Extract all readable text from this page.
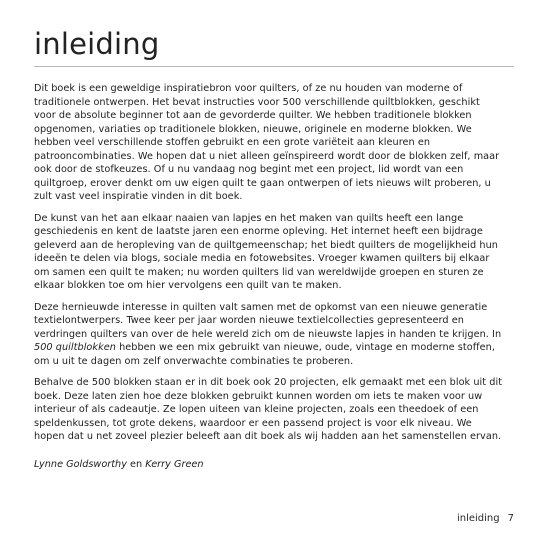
inleiding

Dit boek is een geweldige inspiratiebron voor quilters, of ze nu houden van moderne of traditionele ontwerpen. Het bevat instructies voor 500 verschillende quiltblokken, geschikt voor de absolute beginner tot aan de gevorderde quilter. We hebben traditionele blokken opgenomen, variaties op traditionele blokken, nieuwe, originele en moderne blokken. We hebben veel verschillende stoffen gebruikt en een grote variëteit aan kleuren en patrooncombinaties. We hopen dat u niet alleen geïnspireerd wordt door de blokken zelf, maar ook door de stofkeuzes. Of u nu vandaag nog begint met een project, lid wordt van een quiltgroep, erover denkt om uw eigen quilt te gaan ontwerpen of iets nieuws wilt proberen, u zult vast veel inspiratie vinden in dit boek.

De kunst van het aan elkaar naaien van lapjes en het maken van quilts heeft een lange geschiedenis en kent de laatste jaren een enorme opleving. Het internet heeft een bijdrage geleverd aan de heropleving van de quiltgemeenschap; het biedt quilters de mogelijkheid hun ideeën te delen via blogs, sociale media en fotowebsites. Vroeger kwamen quilters bij elkaar om samen een quilt te maken; nu worden quilters lid van wereldwijde groepen en sturen ze elkaar blokken toe om hier vervolgens een quilt van te maken.

Deze hernieuwde interesse in quilten valt samen met de opkomst van een nieuwe generatie textielontwerpers. Twee keer per jaar worden nieuwe textielcollecties gepresenteerd en verdringen quilters van over de hele wereld zich om de nieuwste lapjes in handen te krijgen. In 500 quiltblokken hebben we een mix gebruikt van nieuwe, oude, vintage en moderne stoffen, om u uit te dagen om zelf onverwachte combinaties te proberen.

Behalve de 500 blokken staan er in dit boek ook 20 projecten, elk gemaakt met een blok uit dit boek. Deze laten zien hoe deze blokken gebruikt kunnen worden om iets te maken voor uw interieur of als cadeautje. Ze lopen uiteen van kleine projecten, zoals een theedoek of een speldenkussen, tot grote dekens, waardoor er een passend project is voor elk niveau. We hopen dat u net zoveel plezier beleeft aan dit boek als wij hadden aan het samenstellen ervan.

Lynne Goldsworthy en Kerry Green

inleiding 7
